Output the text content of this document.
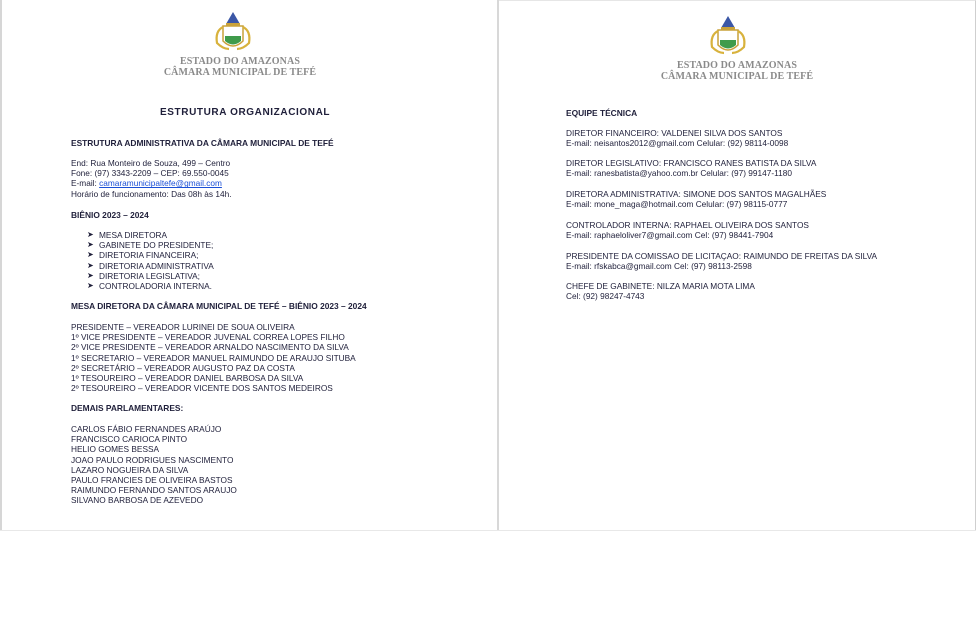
ESTADO DO AMAZONAS
CÂMARA MUNICIPAL DE TEFÉ
ESTADO DO AMAZONAS
CÂMARA MUNICIPAL DE TEFÉ
ESTRUTURA ORGANIZACIONAL
ESTRUTURA ADMINISTRATIVA DA CÂMARA MUNICIPAL DE TEFÉ
End: Rua Monteiro de Souza, 499 – Centro
Fone: (97) 3343-2209 – CEP: 69.550-0045
E-mail: camaramunicipaltefe@gmail.com
Horário de funcionamento: Das 08h às 14h.
BIÊNIO 2023 – 2024
➤ MESA DIRETORA
➤ GABINETE DO PRESIDENTE;
➤ DIRETORIA FINANCEIRA;
➤ DIRETORIA ADMINISTRATIVA
➤ DIRETORIA LEGISLATIVA;
➤ CONTROLADORIA INTERNA.
MESA DIRETORA DA CÂMARA MUNICIPAL DE TEFÉ – BIÊNIO 2023 – 2024
PRESIDENTE – VEREADOR LURINEI DE SOUA OLIVEIRA
1º VICE PRESIDENTE – VEREADOR JUVENAL CORREA LOPES FILHO
2º VICE PRESIDENTE – VEREADOR ARNALDO NASCIMENTO DA SILVA
1º SECRETARIO – VEREADOR MANUEL RAIMUNDO DE ARAUJO SITUBA
2º SECRETÁRIO – VEREADOR AUGUSTO PAZ DA COSTA
1º TESOUREIRO – VEREADOR DANIEL BARBOSA DA SILVA
2º TESOUREIRO – VEREADOR VICENTE DOS SANTOS MEDEIROS
DEMAIS PARLAMENTARES:
CARLOS FÁBIO FERNANDES ARAÚJO
FRANCISCO CARIOCA PINTO
HELIO GOMES BESSA
JOAO PAULO RODRIGUES NASCIMENTO
LAZARO NOGUEIRA DA SILVA
PAULO FRANCIES DE OLIVEIRA BASTOS
RAIMUNDO FERNANDO SANTOS ARAUJO
SILVANO BARBOSA DE AZEVEDO
EQUIPE TÉCNICA
DIRETOR FINANCEIRO: VALDENEI SILVA DOS SANTOS
E-mail: neisantos2012@gmail.com Celular: (92) 98114-0098
DIRETOR LEGISLATIVO: FRANCISCO RANES BATISTA DA SILVA
E-mail: ranesbatista@yahoo.com.br Celular: (97) 99147-1180
DIRETORA ADMINISTRATIVA: SIMONE DOS SANTOS MAGALHÃES
E-mail: mone_maga@hotmail.com Celular: (97) 98115-0777
CONTROLADOR INTERNA: RAPHAEL OLIVEIRA DOS SANTOS
E-mail: raphaeloliver7@gmail.com Cel: (97) 98441-7904
PRESIDENTE DA COMISSAO DE LICITAÇAO: RAIMUNDO DE FREITAS DA SILVA
E-mail: rfskabca@gmail.com Cel: (97) 98113-2598
CHEFE DE GABINETE: NILZA MARIA MOTA LIMA
Cel: (92) 98247-4743
